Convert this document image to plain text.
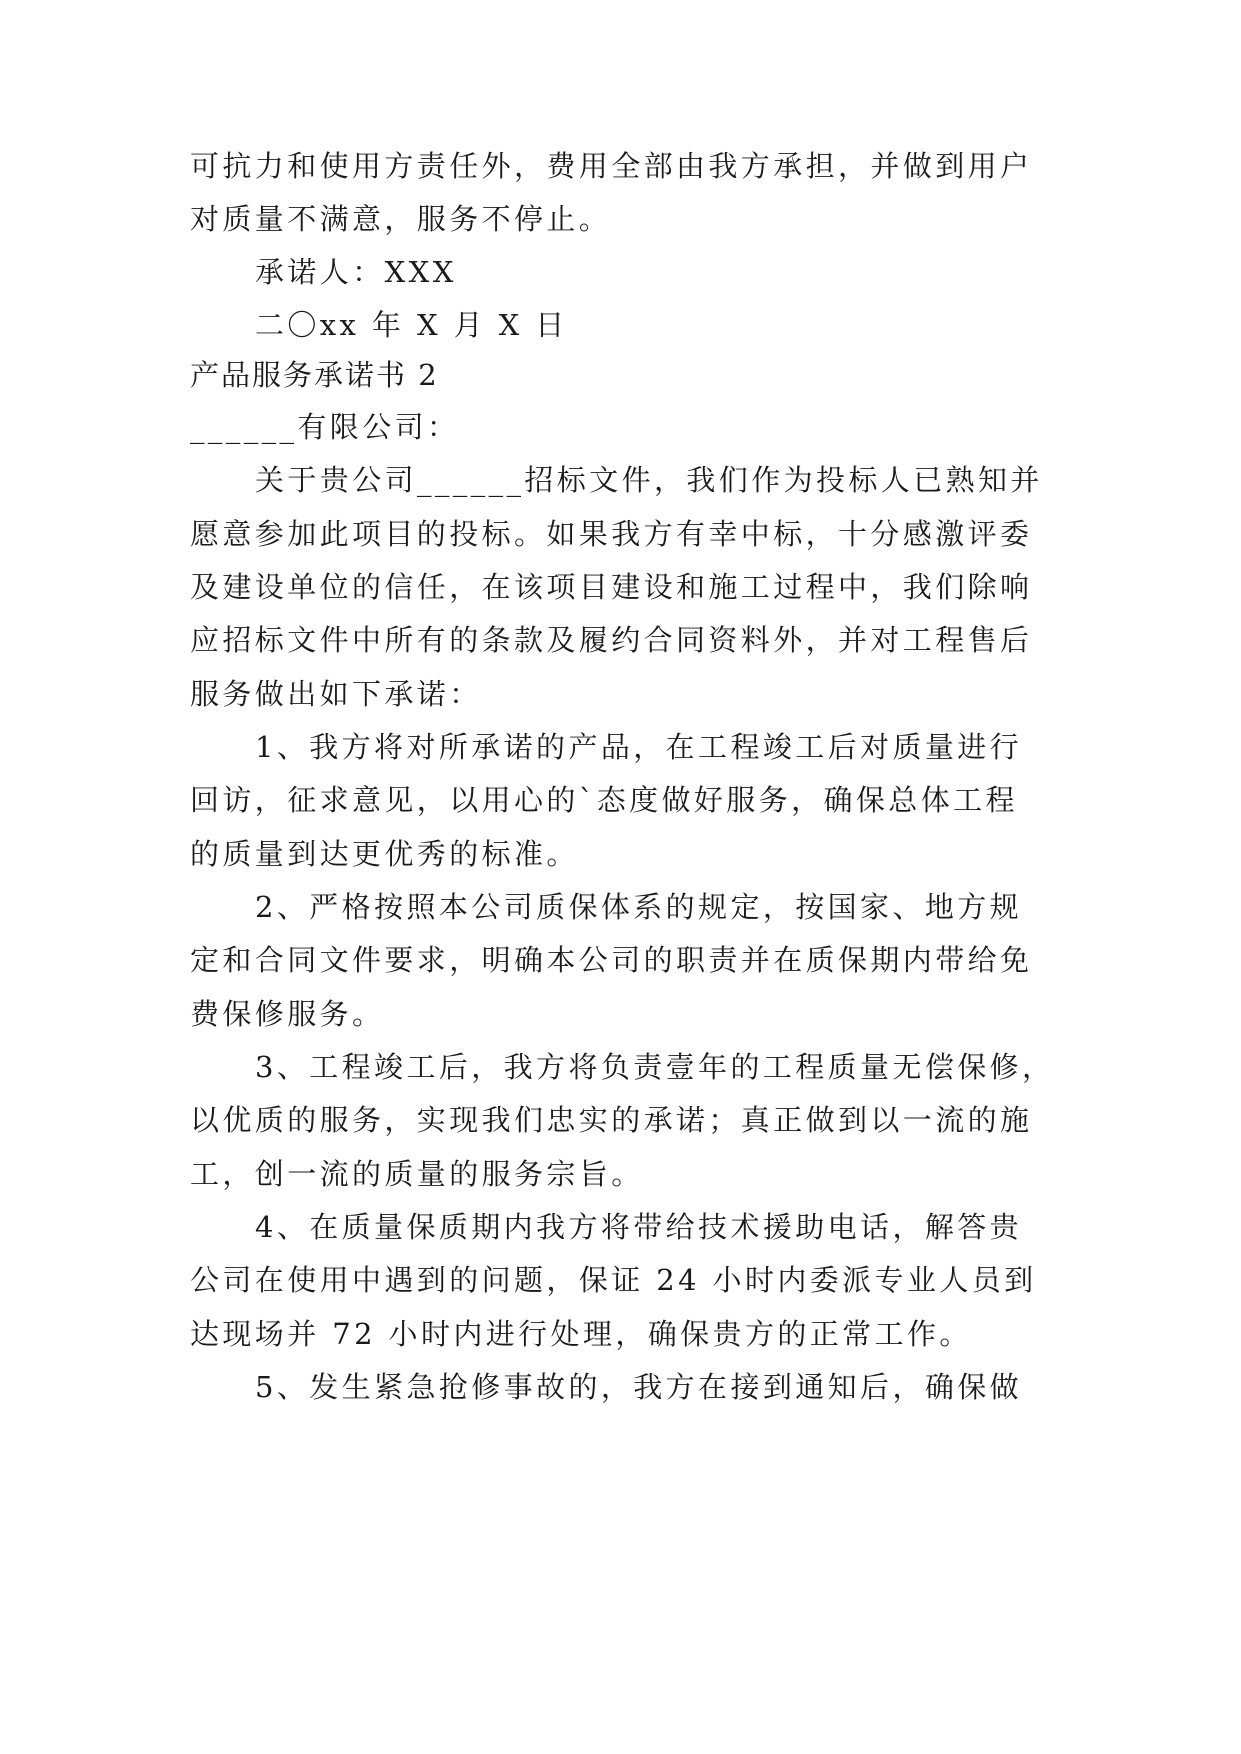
可抗力和使用方责任外，费用全部由我方承担，并做到用户
对质量不满意，服务不停止。
承诺人：XXX
二〇xx 年 X 月 X 日
产品服务承诺书 2
______有限公司：
关于贵公司______招标文件，我们作为投标人已熟知并
愿意参加此项目的投标。如果我方有幸中标，十分感激评委
及建设单位的信任，在该项目建设和施工过程中，我们除响
应招标文件中所有的条款及履约合同资料外，并对工程售后
服务做出如下承诺：
1、我方将对所承诺的产品，在工程竣工后对质量进行
回访，征求意见，以用心的`态度做好服务，确保总体工程
的质量到达更优秀的标准。
2、严格按照本公司质保体系的规定，按国家、地方规
定和合同文件要求，明确本公司的职责并在质保期内带给免
费保修服务。
3、工程竣工后，我方将负责壹年的工程质量无偿保修，
以优质的服务，实现我们忠实的承诺；真正做到以一流的施
工，创一流的质量的服务宗旨。
4、在质量保质期内我方将带给技术援助电话，解答贵
公司在使用中遇到的问题，保证 24 小时内委派专业人员到
达现场并 72 小时内进行处理，确保贵方的正常工作。
5、发生紧急抢修事故的，我方在接到通知后，确保做
